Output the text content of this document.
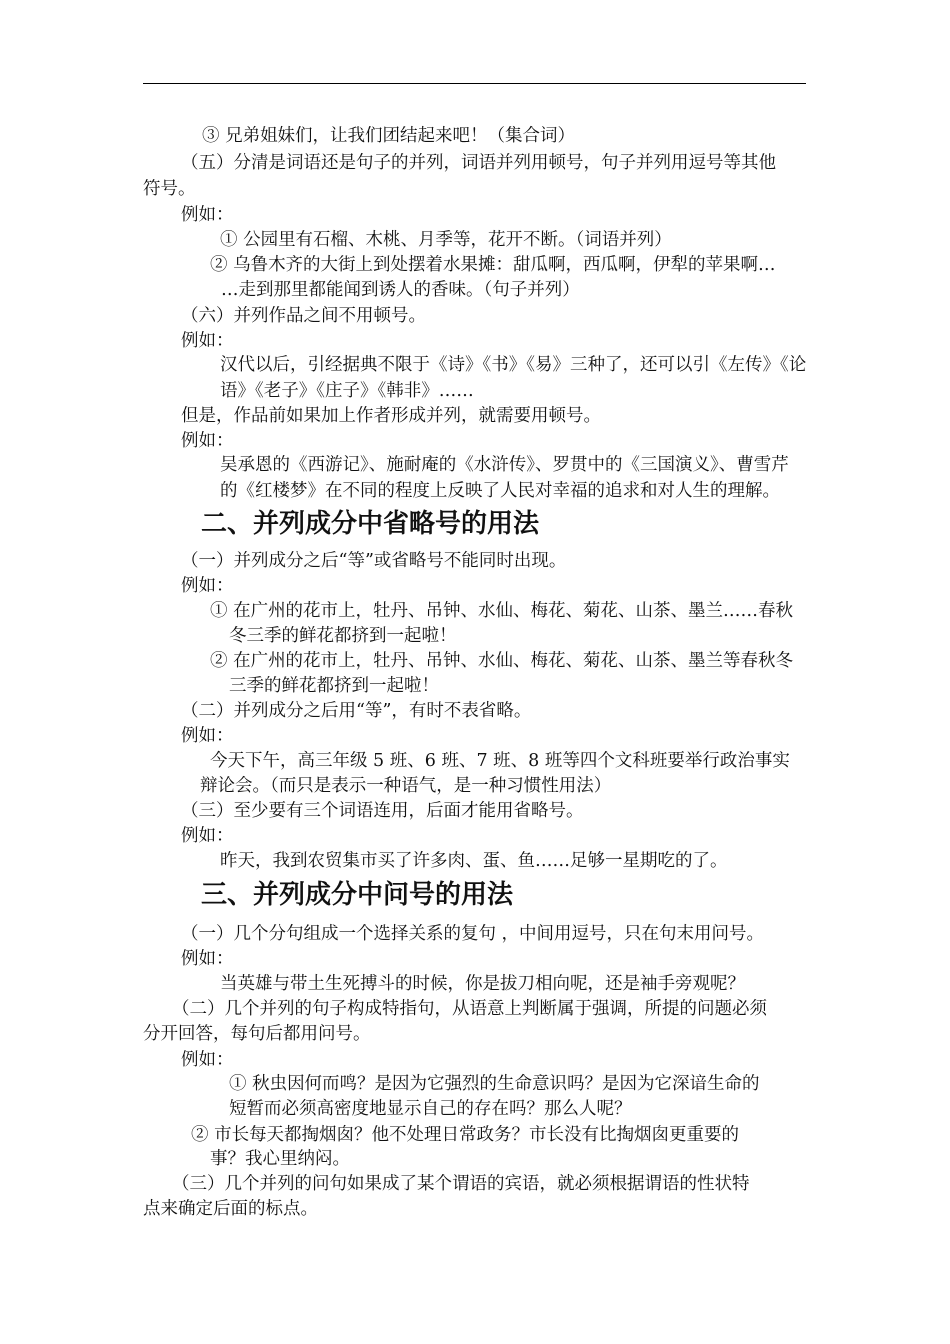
③ 兄弟姐妹们，让我们团结起来吧！（集合词）
（五）分清是词语还是句子的并列，词语并列用顿号，句子并列用逗号等其他
符号。
例如：
① 公园里有石榴、木桃、月季等，花开不断。（词语并列）
② 乌鲁木齐的大街上到处摆着水果摊：甜瓜啊，西瓜啊，伊犁的苹果啊…
…走到那里都能闻到诱人的香味。（句子并列）
（六）并列作品之间不用顿号。
例如：
汉代以后，引经据典不限于《诗》《书》《易》三种了，还可以引《左传》《论
语》《老子》《庄子》《韩非》……
但是，作品前如果加上作者形成并列，就需要用顿号。
例如：
吴承恩的《西游记》、施耐庵的《水浒传》、罗贯中的《三国演义》、曹雪芹
的《红楼梦》在不同的程度上反映了人民对幸福的追求和对人生的理解。
二、并列成分中省略号的用法
（一）并列成分之后“等”或省略号不能同时出现。
例如：
① 在广州的花市上，牡丹、吊钟、水仙、梅花、菊花、山茶、墨兰……春秋
冬三季的鲜花都挤到一起啦！
② 在广州的花市上，牡丹、吊钟、水仙、梅花、菊花、山茶、墨兰等春秋冬
三季的鲜花都挤到一起啦！
（二）并列成分之后用“等”，有时不表省略。
例如：
今天下午，高三年级 5 班、6 班、7 班、8 班等四个文科班要举行政治事实
辩论会。（而只是表示一种语气，是一种习惯性用法）
（三）至少要有三个词语连用，后面才能用省略号。
例如：
昨天，我到农贸集市买了许多肉、蛋、鱼……足够一星期吃的了。
三、并列成分中问号的用法
（一）几个分句组成一个选择关系的复句 ，中间用逗号，只在句末用问号。
例如：
当英雄与带土生死搏斗的时候，你是拔刀相向呢，还是袖手旁观呢？
（二）几个并列的句子构成特指句，从语意上判断属于强调，所提的问题必须
分开回答，每句后都用问号。
例如：
① 秋虫因何而鸣？是因为它强烈的生命意识吗？是因为它深谙生命的
短暂而必须高密度地显示自己的存在吗？那么人呢？
② 市长每天都掏烟囱？他不处理日常政务？市长没有比掏烟囱更重要的
事？我心里纳闷。
（三）几个并列的问句如果成了某个谓语的宾语，就必须根据谓语的性状特
点来确定后面的标点。
